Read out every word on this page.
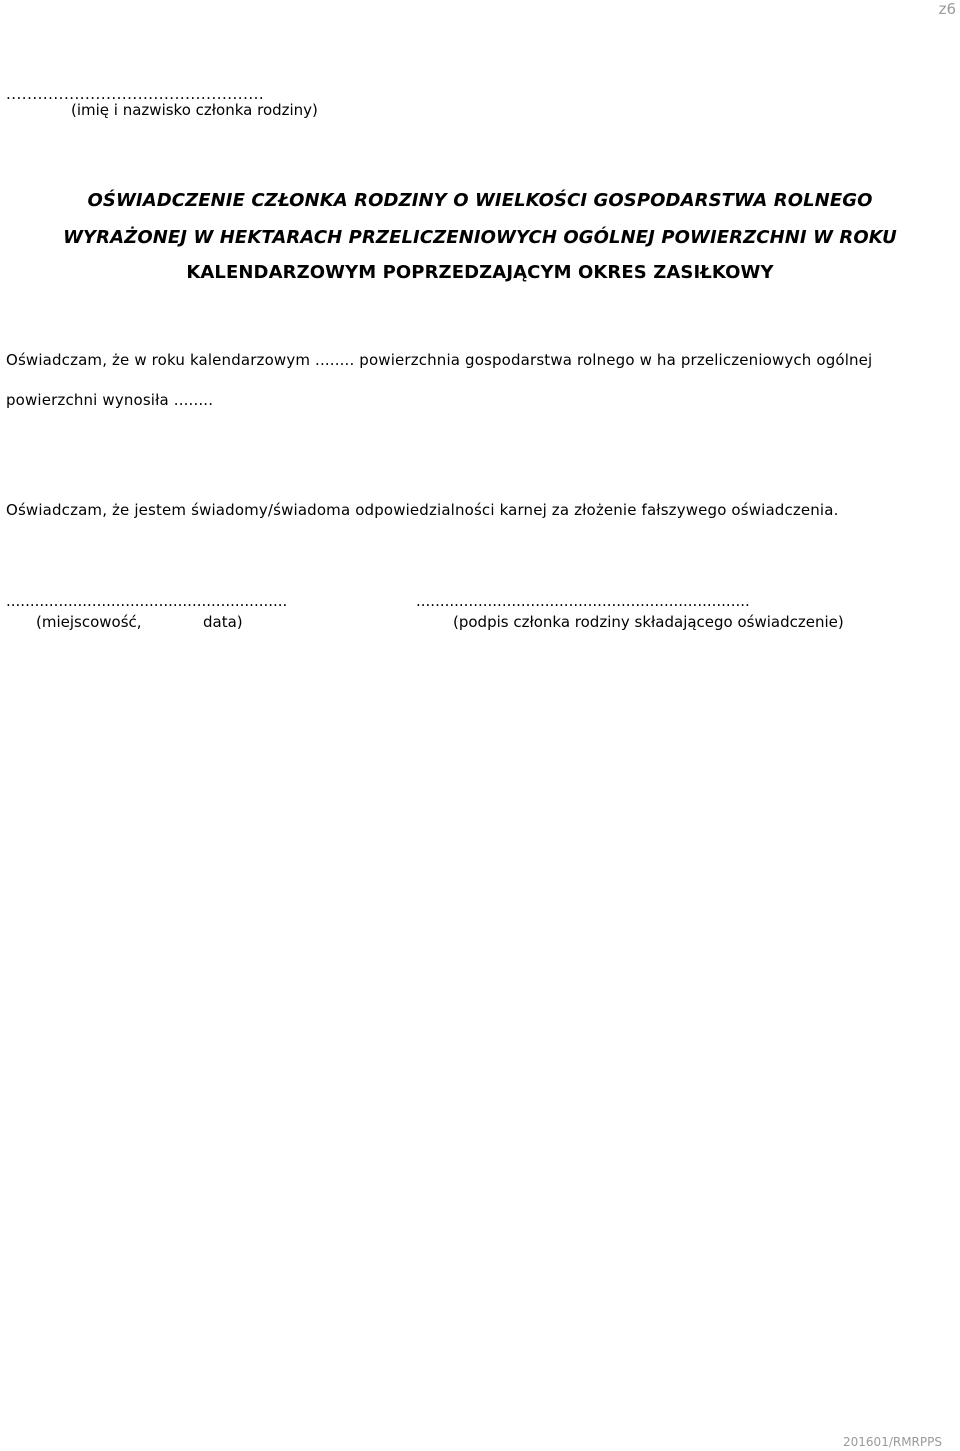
z6
.................................................
(imię i nazwisko członka rodziny)
OŚWIADCZENIE CZŁONKA RODZINY O WIELKOŚCI GOSPODARSTWA ROLNEGO
WYRAŻONEJ W HEKTARACH PRZELICZENIOWYCH OGÓLNEJ POWIERZCHNI W ROKU
KALENDARZOWYM POPRZEDZAJĄCYM OKRES ZASIŁKOWY
Oświadczam, że w roku kalendarzowym ........ powierzchnia gospodarstwa rolnego w ha przeliczeniowych ogólnej
powierzchni wynosiła ........
Oświadczam, że jestem świadomy/świadoma odpowiedzialności karnej za złożenie fałszywego oświadczenia.
...........................................................	......................................................................
(miejscowość,	data)	(podpis członka rodziny składającego oświadczenie)
201601/RMRPPS
